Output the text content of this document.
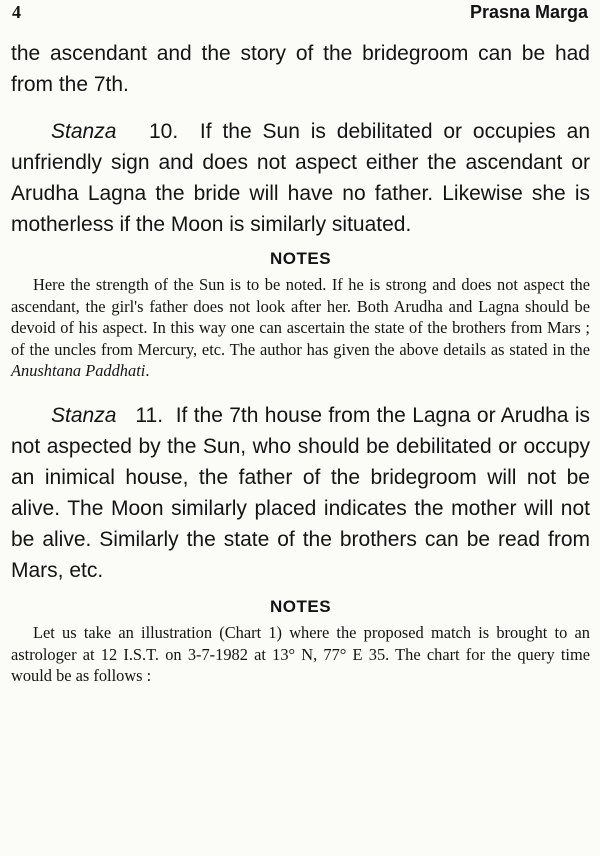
4	Prasna Marga

the ascendant and the story of the bridegroom can be had from the 7th.

Stanza 10. If the Sun is debilitated or occupies an unfriendly sign and does not aspect either the ascendant or Arudha Lagna the bride will have no father. Likewise she is motherless if the Moon is similarly situated.

NOTES

Here the strength of the Sun is to be noted. If he is strong and does not aspect the ascendant, the girl's father does not look after her. Both Arudha and Lagna should be devoid of his aspect. In this way one can ascertain the state of the brothers from Mars ; of the uncles from Mercury, etc. The author has given the above details as stated in the Anushtana Paddhati.

Stanza 11. If the 7th house from the Lagna or Arudha is not aspected by the Sun, who should be debilitated or occupy an inimical house, the father of the bridegroom will not be alive. The Moon similarly placed indicates the mother will not be alive. Similarly the state of the brothers can be read from Mars, etc.

NOTES

Let us take an illustration (Chart 1) where the proposed match is brought to an astrologer at 12 I.S.T. on 3-7-1982 at 13° N, 77° E 35. The chart for the query time would be as follows :
